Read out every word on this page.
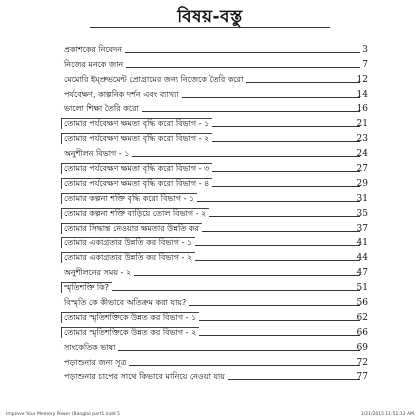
বিষয়-বস্তু
প্রকাশকের নিবেদন	3
নিজের মনকে জান	7
মেমোরি ইম্প্রুভমেন্ট প্রোগ্রামের জন্য নিজেকে তৈরি করো	12
পর্যবেক্ষণ, কাল্পনিক দর্শন এবং ব্যাখ্যা	14
ভালো শিক্ষা তৈরি করো	16
তোমার পর্যবেক্ষণ ক্ষমতা বৃদ্ধি করো বিভাগ - ১	21
তোমার পর্যবেক্ষণ ক্ষমতা বৃদ্ধি করো বিভাগ - ২	23
অনুশীলন বিভাগ - ১	24
তোমার পর্যবেক্ষণ ক্ষমতা বৃদ্ধি করো বিভাগ - ৩	27
তোমার পর্যবেক্ষণ ক্ষমতা বৃদ্ধি করো বিভাগ - ৪	29
তোমার কল্পনা শক্তি বৃদ্ধি করো বিভাগ - ১	31
তোমার কল্পনা শক্তি বাড়িয়ে তোল বিভাগ - ২	35
তোমার সিদ্ধান্ত নেওয়ার ক্ষমতার উন্নতি কর	37
তোমার একাগ্রতার উন্নতি কর বিভাগ - ১	41
তোমার একাগ্রতার উন্নতি কর বিভাগ - ২	44
অনুশীলনের সময় - ২	47
স্মৃতিশক্তি কি?	51
বিস্মৃতি কে কীভাবে অতিক্রম করা যায়?	56
তোমার স্মৃতিশক্তিকে উন্নত কর বিভাগ - ১	62
তোমার স্মৃতিশক্তিকে উন্নত কর বিভাগ - ২	66
সাংকেতিক ভাষা	69
পড়াশুনার জন্য সূত্র	72
পড়াশুনার চাপের সাথে কিভাবে মানিয়ে নেওয়া যায়	77
Improve Your Memory Power (Bangla) part1.indd 5	1/21/2015 11:51:12 AM
